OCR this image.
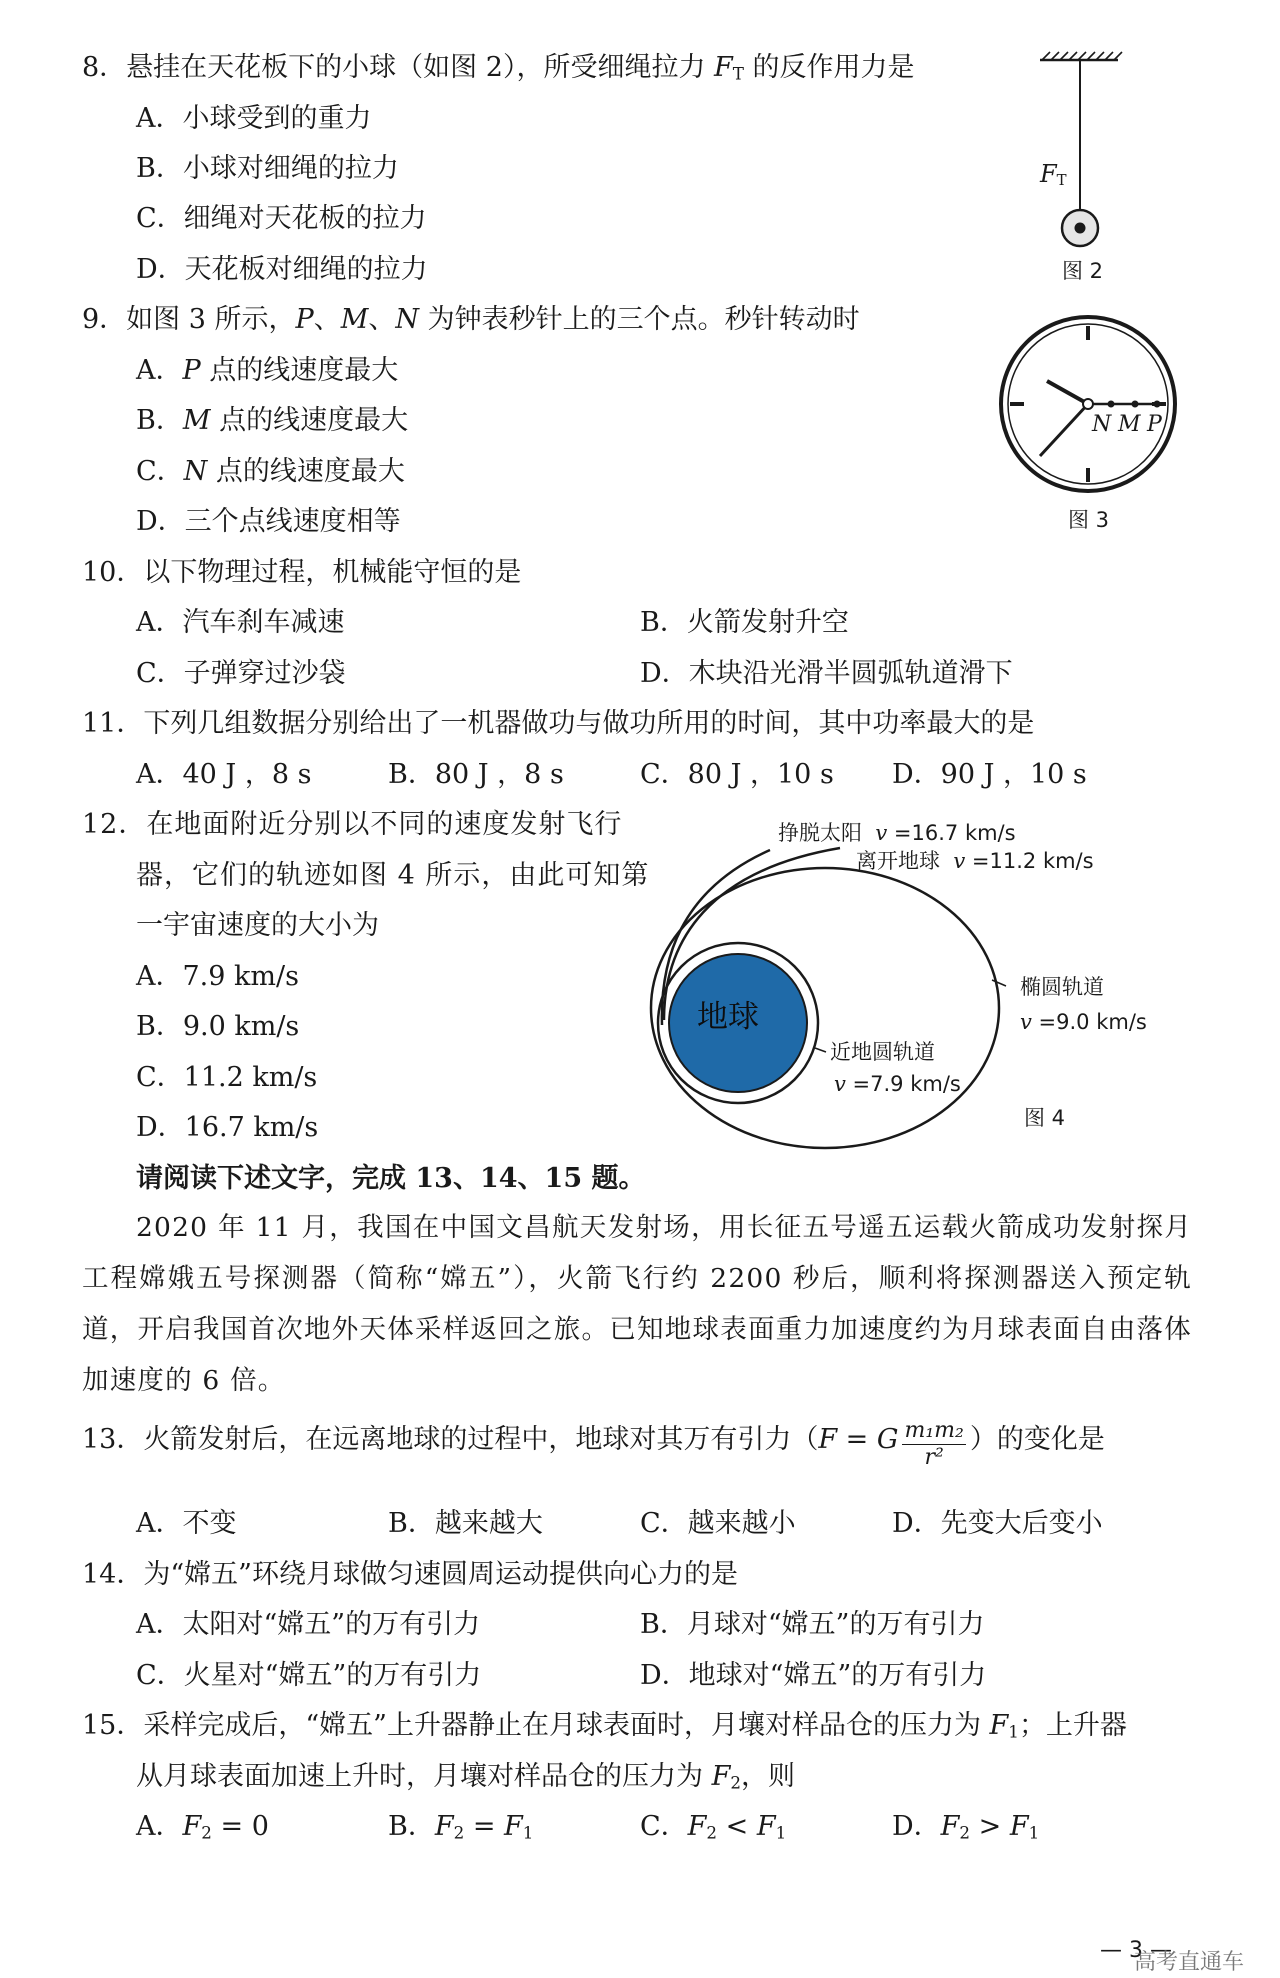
8．悬挂在天花板下的小球（如图 2），所受细绳拉力 $F_T$ 的反作用力是
A．小球受到的重力
B．小球对细绳的拉力
C．细绳对天花板的拉力
D．天花板对细绳的拉力
FT
图 2
9．如图 3 所示，P、M、N 为钟表秒针上的三个点。秒针转动时
A．P 点的线速度最大
B．M 点的线速度最大
C．N 点的线速度最大
D．三个点线速度相等
N M P
图 3
10．以下物理过程，机械能守恒的是
A．汽车刹车减速	B．火箭发射升空
C．子弹穿过沙袋	D．木块沿光滑半圆弧轨道滑下
11．下列几组数据分别给出了一机器做功与做功所用的时间，其中功率最大的是
A．40 J ，8 s	B．80 J ，8 s	C．80 J ，10 s D．90 J ，10 s
12．在地面附近分别以不同的速度发射飞行
器，它们的轨迹如图 4 所示，由此可知第
一宇宙速度的大小为
A．7.9 km/s
B．9.0 km/s
C．11.2 km/s
D．16.7 km/s
地球
挣脱太阳 v =16.7 km/s
离开地球 v =11.2 km/s
椭圆轨道
v =9.0 km/s
近地圆轨道
v =7.9 km/s
图 4
请阅读下述文字，完成 13、14、15 题。
2020 年 11 月，我国在中国文昌航天发射场，用长征五号遥五运载火箭成功发射探月工程嫦娥五号探测器（简称“嫦五”），火箭飞行约 2200 秒后，顺利将探测器送入预定轨道，开启我国首次地外天体采样返回之旅。已知地球表面重力加速度约为月球表面自由落体加速度的 6 倍。
13．火箭发射后，在远离地球的过程中，地球对其万有引力（F = G $\frac{\text{m₁m₂}}{\text{r²}}$ ）的变化是
A．不变	B．越来越大	C．越来越小	D．先变大后变小
14．为“嫦五”环绕月球做匀速圆周运动提供向心力的是
A．太阳对“嫦五”的万有引力	B．月球对“嫦五”的万有引力
C．火星对“嫦五”的万有引力	D．地球对“嫦五”的万有引力
15．采样完成后，“嫦五”上升器静止在月球表面时，月壤对样品仓的压力为 $F_1$；上升器
从月球表面加速上升时，月壤对样品仓的压力为 $F_2$，则
A．$F_2 = 0$	B．$F_2 = F_1$	C．$F_2 < F_1$	D．$F_2 > F_1$
— 3 —
高考直通车
